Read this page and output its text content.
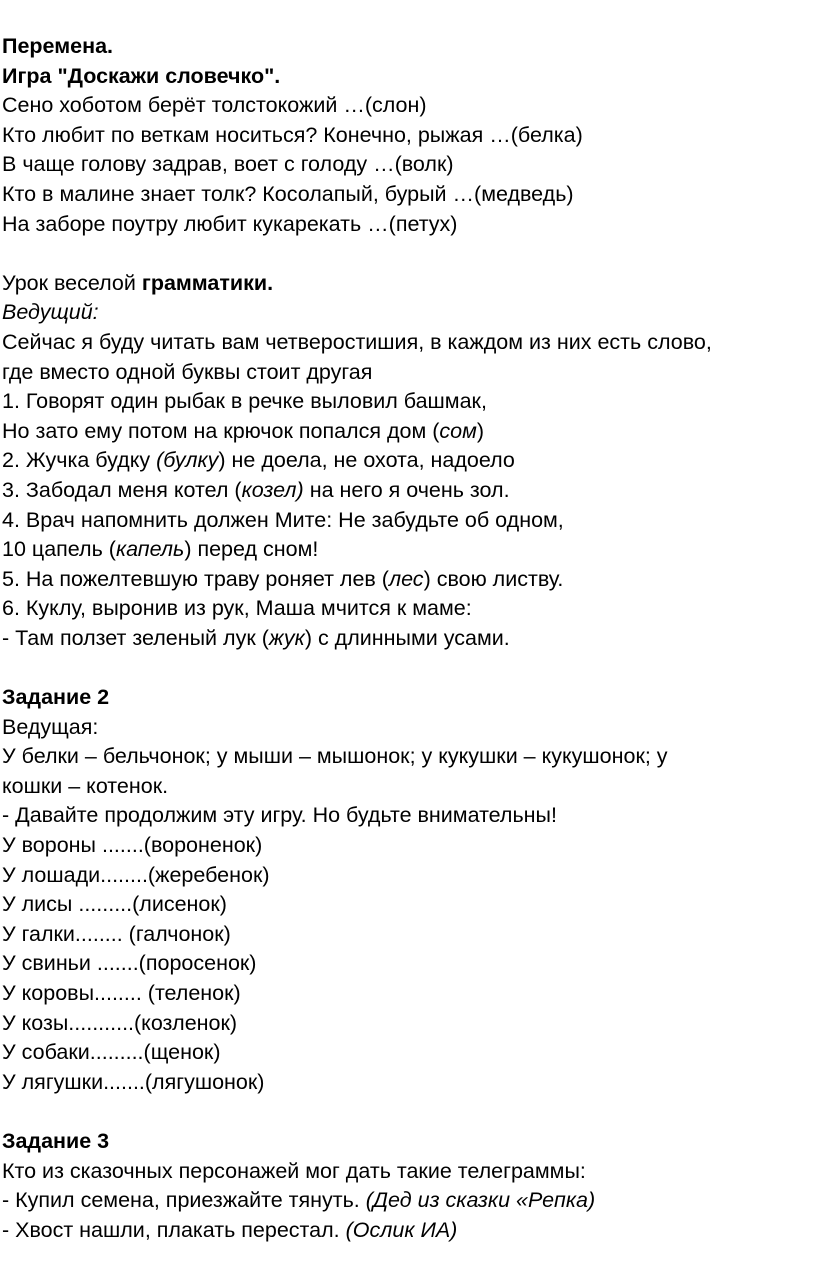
Перемена.
Игра "Доскажи словечко".
Сено хоботом берёт толстокожий …(слон)
Кто любит по веткам носиться? Конечно, рыжая …(белка)
В чаще голову задрав, воет с голоду …(волк)
Кто в малине знает толк? Косолапый, бурый …(медведь)
На заборе поутру любит кукарекать …(петух)
Урок веселой грамматики.
Ведущий:
Сейчас я буду читать вам четверостишия, в каждом из них есть слово,
где вместо одной буквы стоит другая
1. Говорят один рыбак в речке выловил башмак,
Но зато ему потом на крючок попался дом (сом)
2. Жучка будку (булку) не доела, не охота, надоело
3. Забодал меня котел (козел) на него я очень зол.
4. Врач напомнить должен Мите: Не забудьте об одном,
10 цапель (капель) перед сном!
5. На пожелтевшую траву роняет лев (лес) свою листву.
6. Куклу, выронив из рук, Маша мчится к маме:
- Там ползет зеленый лук (жук) с длинными усами.
Задание 2
Ведущая:
У белки – бельчонок; у мыши – мышонок; у кукушки – кукушонок; у
кошки – котенок.
- Давайте продолжим эту игру. Но будьте внимательны!
У вороны .......(вороненок)
У лошади........(жеребенок)
У лисы .........(лисенок)
У галки........ (галчонок)
У свиньи .......(поросенок)
У коровы........ (теленок)
У козы...........(козленок)
У собаки.........(щенок)
У лягушки.......(лягушонок)
Задание 3
Кто из сказочных персонажей мог дать такие телеграммы:
- Купил семена, приезжайте тянуть. (Дед из сказки «Репка)
- Хвост нашли, плакать перестал. (Ослик ИА)
